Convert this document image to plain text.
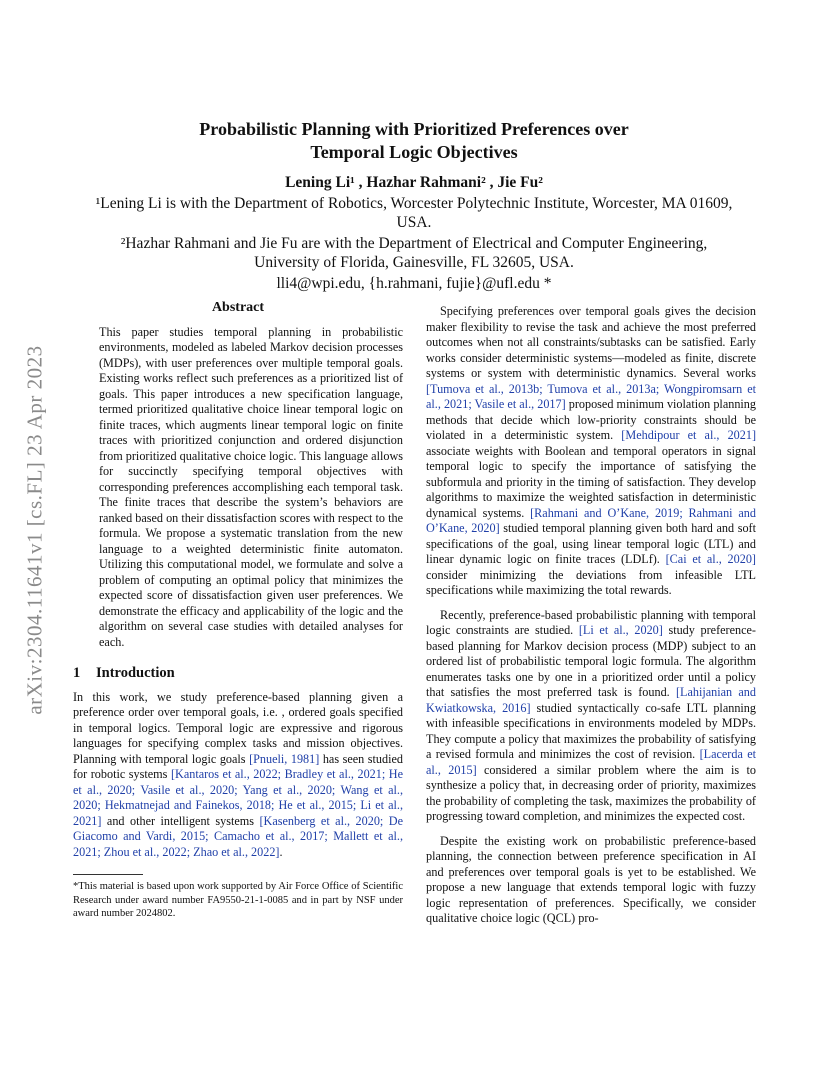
arXiv:2304.11641v1 [cs.FL] 23 Apr 2023
Probabilistic Planning with Prioritized Preferences over
Temporal Logic Objectives
Lening Li¹ , Hazhar Rahmani² , Jie Fu²
¹Lening Li is with the Department of Robotics, Worcester Polytechnic Institute, Worcester, MA 01609,
USA.
²Hazhar Rahmani and Jie Fu are with the Department of Electrical and Computer Engineering,
University of Florida, Gainesville, FL 32605, USA.
lli4@wpi.edu, {h.rahmani, fujie}@ufl.edu *
Abstract

This paper studies temporal planning in probabilistic environments, modeled as labeled Markov decision processes (MDPs), with user preferences over multiple temporal goals. Existing works reflect such preferences as a prioritized list of goals. This paper introduces a new specification language, termed prioritized qualitative choice linear temporal logic on finite traces, which augments linear temporal logic on finite traces with prioritized conjunction and ordered disjunction from prioritized qualitative choice logic. This language allows for succinctly specifying temporal objectives with corresponding preferences accomplishing each temporal task. The finite traces that describe the system’s behaviors are ranked based on their dissatisfaction scores with respect to the formula. We propose a systematic translation from the new language to a weighted deterministic finite automaton. Utilizing this computational model, we formulate and solve a problem of computing an optimal policy that minimizes the expected score of dissatisfaction given user preferences. We demonstrate the efficacy and applicability of the logic and the algorithm on several case studies with detailed analyses for each.

1 Introduction

In this work, we study preference-based planning given a preference order over temporal goals, i.e. , ordered goals specified in temporal logics. Temporal logic are expressive and rigorous languages for specifying complex tasks and mission objectives. Planning with temporal logic goals [Pnueli, 1981] has seen studied for robotic systems [Kantaros et al., 2022; Bradley et al., 2021; He et al., 2020; Vasile et al., 2020; Yang et al., 2020; Wang et al., 2020; Hekmatnejad and Fainekos, 2018; He et al., 2015; Li et al., 2021] and other intelligent systems [Kasenberg et al., 2020; De Giacomo and Vardi, 2015; Camacho et al., 2017; Mallett et al., 2021; Zhou et al., 2022; Zhao et al., 2022].

*This material is based upon work supported by Air Force Office of Scientific Research under award number FA9550-21-1-0085 and in part by NSF under award number 2024802.

Specifying preferences over temporal goals gives the decision maker flexibility to revise the task and achieve the most preferred outcomes when not all constraints/subtasks can be satisfied. Early works consider deterministic systems—modeled as finite, discrete systems or system with deterministic dynamics. Several works [Tumova et al., 2013b; Tumova et al., 2013a; Wongpiromsarn et al., 2021; Vasile et al., 2017] proposed minimum violation planning methods that decide which low-priority constraints should be violated in a deterministic system. [Mehdipour et al., 2021] associate weights with Boolean and temporal operators in signal temporal logic to specify the importance of satisfying the subformula and priority in the timing of satisfaction. They develop algorithms to maximize the weighted satisfaction in deterministic dynamical systems. [Rahmani and O’Kane, 2019; Rahmani and O’Kane, 2020] studied temporal planning given both hard and soft specifications of the goal, using linear temporal logic (LTL) and linear dynamic logic on finite traces (LDLf). [Cai et al., 2020] consider minimizing the deviations from infeasible LTL specifications while maximizing the total rewards.

Recently, preference-based probabilistic planning with temporal logic constraints are studied. [Li et al., 2020] study preference-based planning for Markov decision process (MDP) subject to an ordered list of probabilistic temporal logic formula. The algorithm enumerates tasks one by one in a prioritized order until a policy that satisfies the most preferred task is found. [Lahijanian and Kwiatkowska, 2016] studied syntactically co-safe LTL planning with infeasible specifications in environments modeled by MDPs. They compute a policy that maximizes the probability of satisfying a revised formula and minimizes the cost of revision. [Lacerda et al., 2015] considered a similar problem where the aim is to synthesize a policy that, in decreasing order of priority, maximizes the probability of completing the task, maximizes the probability of progressing toward completion, and minimizes the expected cost.

Despite the existing work on probabilistic preference-based planning, the connection between preference specification in AI and preferences over temporal goals is yet to be established. We propose a new language that extends temporal logic with fuzzy logic representation of preferences. Specifically, we consider qualitative choice logic (QCL) pro-
